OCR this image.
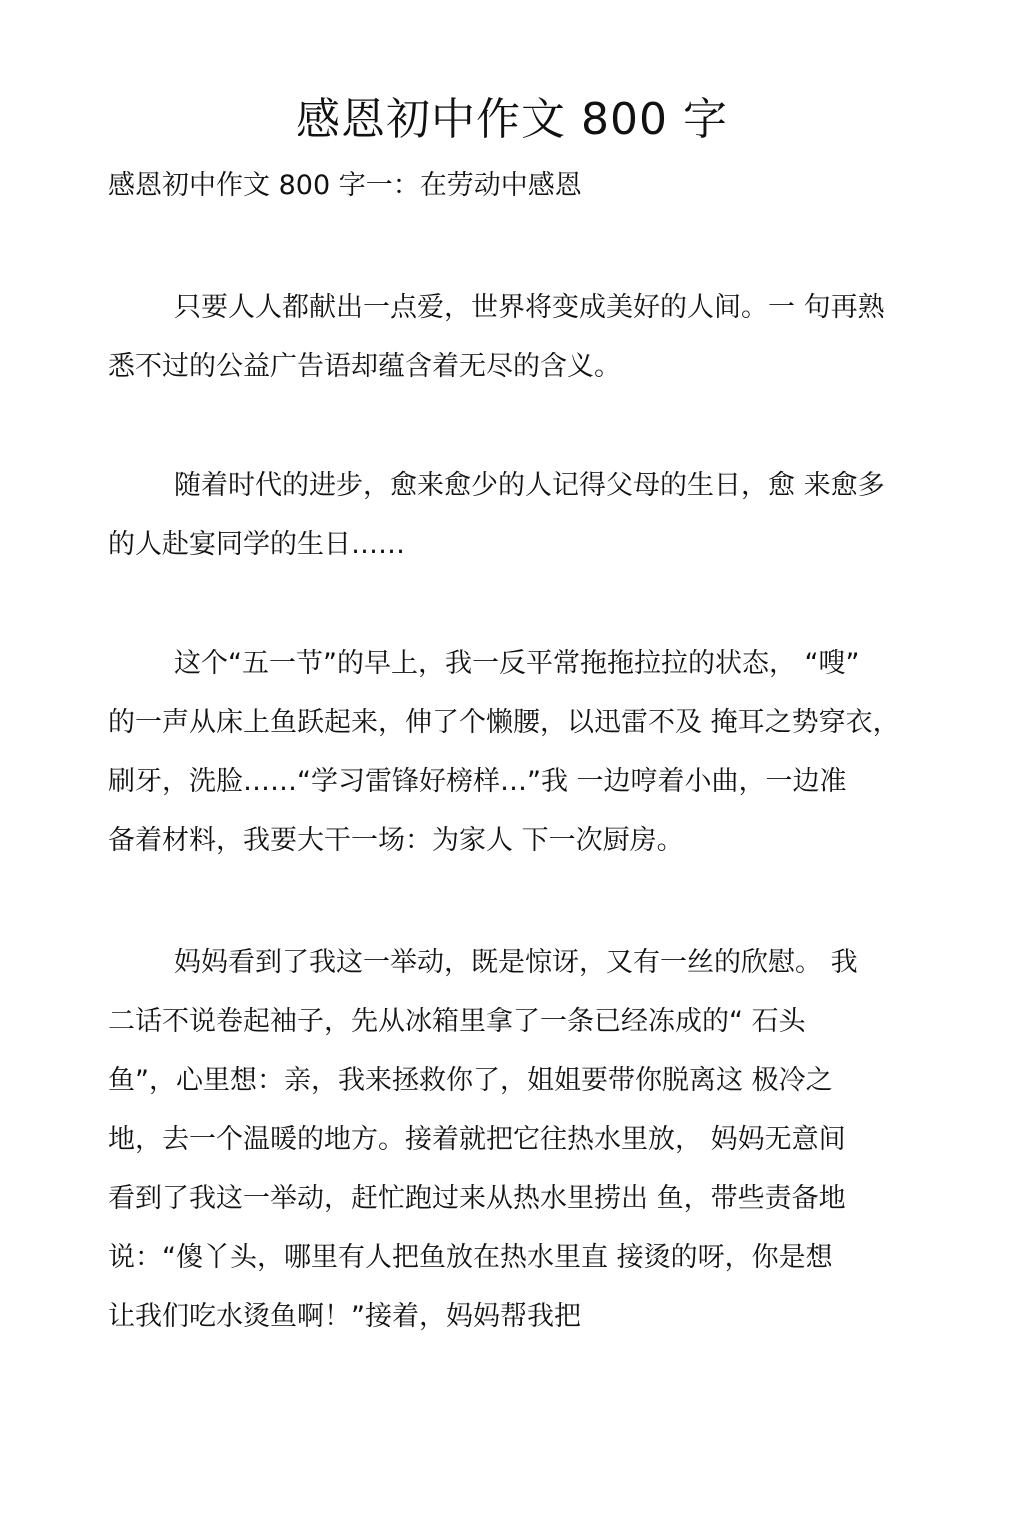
感恩初中作文 800 字

感恩初中作文 800 字一：在劳动中感恩

只要人人都献出一点爱，世界将变成美好的人间。一 句再熟
悉不过的公益广告语却蕴含着无尽的含义。
随着时代的进步，愈来愈少的人记得父母的生日，愈 来愈多
的人赴宴同学的生日……
这个“五一节”的早上，我一反平常拖拖拉拉的状态， “嗖”
的一声从床上鱼跃起来，伸了个懒腰，以迅雷不及 掩耳之势穿衣，
刷牙，洗脸……“学习雷锋好榜样…”我 一边哼着小曲，一边准
备着材料，我要大干一场：为家人 下一次厨房。
妈妈看到了我这一举动，既是惊讶，又有一丝的欣慰。 我
二话不说卷起袖子，先从冰箱里拿了一条已经冻成的“ 石头
鱼”，心里想：亲，我来拯救你了，姐姐要带你脱离这 极冷之
地，去一个温暖的地方。接着就把它往热水里放， 妈妈无意间
看到了我这一举动，赶忙跑过来从热水里捞出 鱼，带些责备地
说：“傻丫头，哪里有人把鱼放在热水里直 接烫的呀，你是想
让我们吃水烫鱼啊！”接着，妈妈帮我把
